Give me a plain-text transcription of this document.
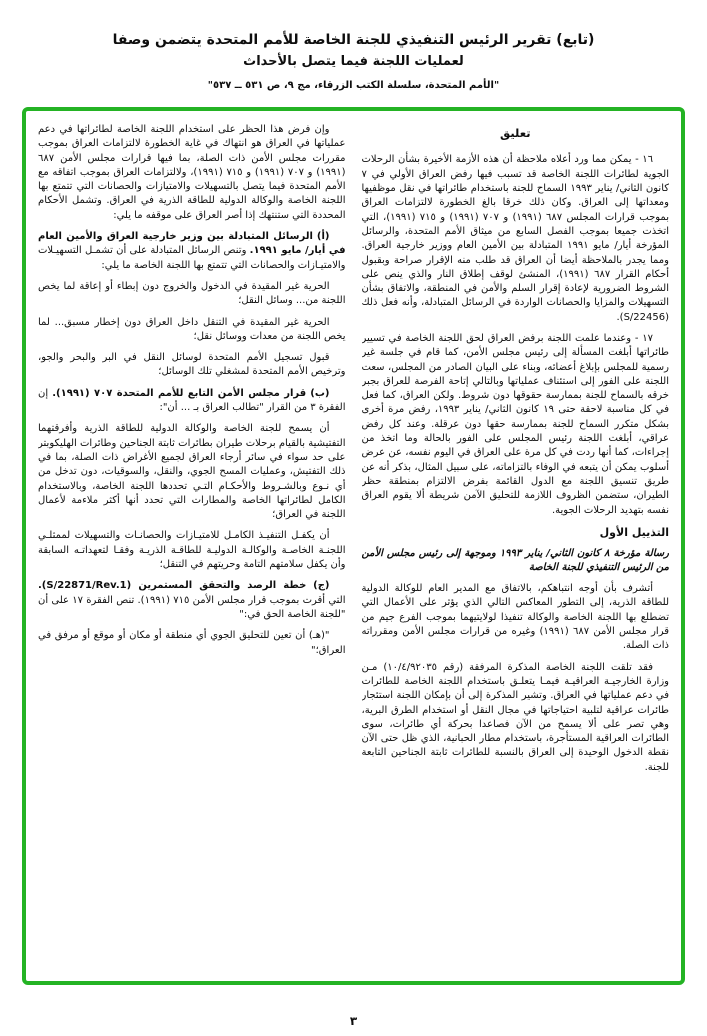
(تابع) تقرير الرئيس التنفيذي للجنة الخاصة للأمم المتحدة يتضمن وصفا
لعمليات اللجنة فيما يتصل بالأحداث
"الأمم المتحدة، سلسلة الكتب الزرقاء، مج ٩، ص ٥٣١ ــ ٥٣٧"
تعليق

١٦ - يمكن مما ورد أعلاه ملاحظة أن هذه الأزمة الأخيرة بشأن الرحلات الجوية لطائرات اللجنة الخاصة قد تسبب فيها رفض العراق الأولي في ٧ كانون الثاني/ يناير ١٩٩٣ السماح للجنة باستخدام طائراتها في نقل موظفيها ومعداتها إلى العراق. وكان ذلك خرقا بالغ الخطورة لالتزامات العراق بموجب قرارات المجلس ٦٨٧ (١٩٩١) و ٧٠٧ (١٩٩١) و ٧١٥ (١٩٩١)، التي اتخذت جميعا بموجب الفصل السابع من ميثاق الأمم المتحدة، والرسائل المؤرخة أيار/ مايو ١٩٩١ المتبادلة بين الأمين العام ووزير خارجية العراق. ومما يجدر بالملاحظة أيضا أن العراق قد طلب منه الإقرار صراحة وبقبول أحكام القرار ٦٨٧ (١٩٩١)، المنشئ لوقف إطلاق النار والذي ينص على الشروط الضرورية لإعادة إقرار السلم والأمن في المنطقة، والاتفاق بشأن التسهيلات والمزايا والحصانات الواردة في الرسائل المتبادلة، وأنه فعل ذلك (S/22456).

١٧ - وعندما علمت اللجنة برفض العراق لحق اللجنة الخاصة في تسيير طائراتها أبلغت المسألة إلى رئيس مجلس الأمن، كما قام في جلسة غير رسمية للمجلس بإبلاغ أعضائه، وبناء على البيان الصادر من المجلس، سعت اللجنة على الفور إلى استئناف عملياتها وبالتالي إتاحة الفرصة للعراق بجبر خرقه بالسماح للجنة بممارسة حقوقها دون شروط. ولكن العراق، كما فعل في كل مناسبة لاحقة حتى ١٩ كانون الثاني/ يناير ١٩٩٣، رفض مرة أخرى بشكل متكرر السماح للجنة بممارسة حقها دون عرقلة. وعند كل رفض عراقي، أبلغت اللجنة رئيس المجلس على الفور بالحالة وما اتخذ من إجراءات، كما أنها ردت في كل مرة على العراق في اليوم نفسه، عن عرض أسلوب يمكن أن يتبعه في الوفاء بالتزاماته، على سبيل المثال، بذكر أنه عن طريق تنسيق اللجنة مع الدول القائمة بفرض الالتزام بمنطقة حظر الطيران، ستضمن الظروف اللازمة للتحليق الآمن شريطة ألا يقوم العراق نفسه بتهديد الرحلات الجوية.

التذييل الأول

رسالة مؤرخة ٨ كانون الثاني/ يناير ١٩٩٣ وموجهة إلى رئيس مجلس الأمن من الرئيس التنفيذي للجنة الخاصة

أتشرف بأن أوجه انتباهكم، بالاتفاق مع المدير العام للوكالة الدولية للطاقة الذرية، إلى التطور المعاكس التالي الذي يؤثر على الأعمال التي تضطلع بها اللجنة الخاصة والوكالة تنفيذا لولايتيهما بموجب الفرع جيم من قرار مجلس الأمن ٦٨٧ (١٩٩١) وغيره من قرارات مجلس الأمن ومقرراته ذات الصلة.

فقد تلقت اللجنة الخاصة المذكرة المرفقة (رقم ١٠/٤/٩٢٠٣٥) مـن وزارة الخارجيـة العراقيـة فيمـا يتعلـق باستخدام اللجنة الخاصة للطائرات في دعم عملياتها في العراق. وتشير المذكرة إلى أن بإمكان اللجنة استئجار طائرات عراقية لتلبية احتياجاتها في مجال النقل أو استخدام الطرق البرية، وهي تصر على ألا يسمح من الآن فصاعدا بحركة أي طائرات، سوى الطائرات العراقية المستأجرة، باستخدام مطار الحبانية، الذي ظل حتى الآن نقطة الدخول الوحيدة إلى العراق بالنسبة للطائرات ثابتة الجناحين التابعة للجنة.

وإن فرض هذا الحظر على استخدام اللجنة الخاصة لطائراتها في دعم عملياتها في العراق هو انتهاك في غاية الخطورة لالتزامات العراق بموجب مقررات مجلس الأمن ذات الصلة، بما فيها قرارات مجلس الأمن ٦٨٧ (١٩٩١) و ٧٠٧ (١٩٩١) و ٧١٥ (١٩٩١)، ولالتزامات العراق بموجب اتفاقه مع الأمم المتحدة فيما يتصل بالتسهيلات والامتيازات والحصانات التي تتمتع بها اللجنة الخاصة والوكالة الدولية للطاقة الذرية في العراق. وتشمل الأحكام المحددة التي ستنتهك إذا أصر العراق على موقفه ما يلي:

(أ) الرسائل المتبادلة بين وزير خارجية العراق والأمين العام في أيار/ مايو ١٩٩١. وتنص الرسائل المتبادلة على أن تشمـل التسهيـلات والامتيـازات والحصانات التي تتمتع بها اللجنة الخاصة ما يلي:

الحرية غير المقيدة في الدخول والخروج دون إبطاء أو إعاقة لما يخص اللجنة من... وسائل النقل؛

الحرية غير المقيدة في التنقل داخل العراق دون إخطار مسبق... لما يخص اللجنة من معدات ووسائل نقل؛

قبول تسجيل الأمم المتحدة لوسائل النقل في البر والبحر والجو، وترخيص الأمم المتحدة لمشغلي تلك الوسائل؛

(ب) قرار مجلس الأمن التابع للأمم المتحدة ٧٠٧ (١٩٩١). إن الفقرة ٣ من القرار "تطالب العراق بـ ... أن":

أن يسمح للجنة الخاصة والوكالة الدولية للطاقة الذرية وأفرقتهما التفتيشية بالقيام برحلات طيران بطائرات ثابتة الجناحين وطائرات الهليكوبتر على حد سواء في سائر أرجاء العراق لجميع الأغراض ذات الصلة، بما في ذلك التفتيش، وعمليات المسح الجوي، والنقل، والسوقيات، دون تدخل من أي نـوع وبالشـروط والأحكـام التـي تحددها اللجنة الخاصة، وبالاستخدام الكامل لطائراتها الخاصة والمطارات التي تحدد أنها أكثر ملاءمة لأعمال اللجنة في العراق؛

أن يكفـل التنفيـذ الكامـل للامتيـازات والحصانـات والتسهيلات لممثلـي اللجنـة الخاصـة والوكالـة الدوليـة للطاقـة الذريـة وفقـا لتعهداتـه السابقة وأن يكفل سلامتهم التامة وحريتهم في التنقل؛

(ج) خطة الرصد والتحقق المستمرين (S/22871/Rev.1). التي أقرت بموجب قرار مجلس الأمن ٧١٥ (١٩٩١). تنص الفقرة ١٧ على أن "للجنة الخاصة الحق في:"

"(هـ) أن تعين للتحليق الجوي أي منطقة أو مكان أو موقع أو مرفق في العراق؛"

٣
